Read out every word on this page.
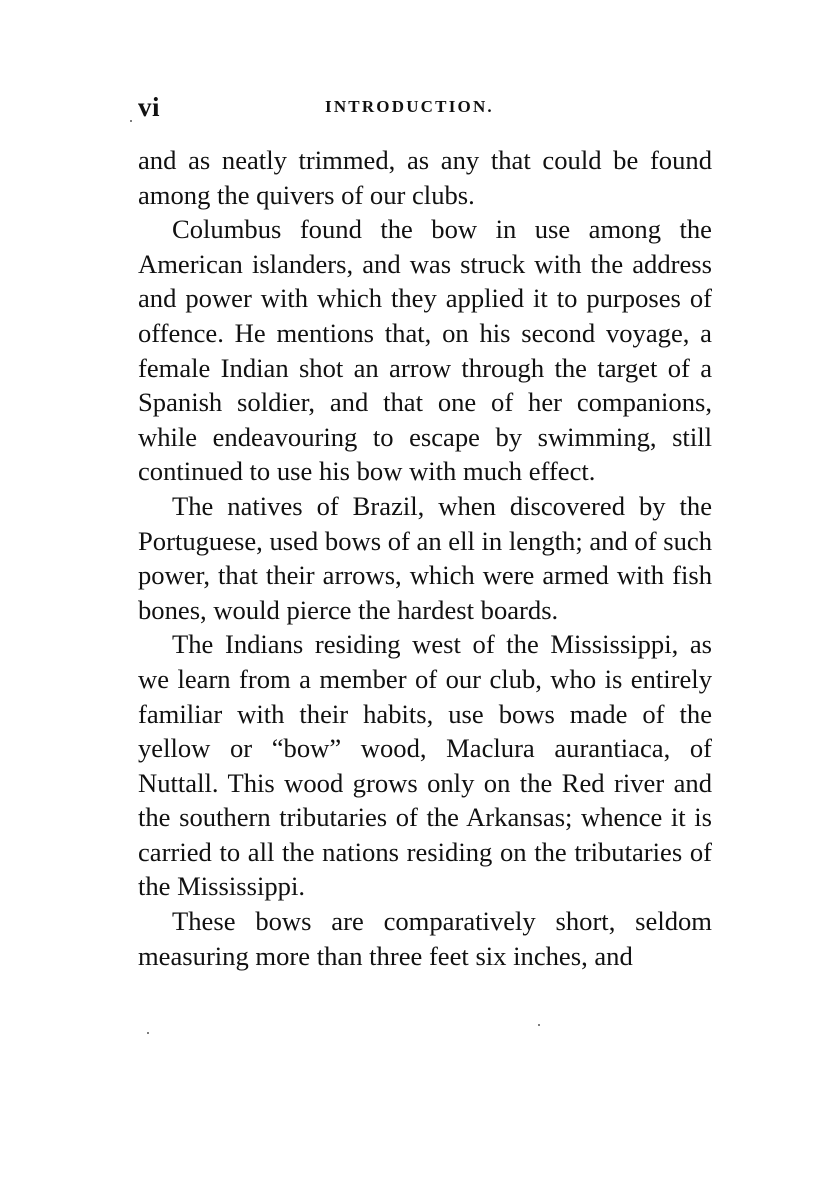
vi	INTRODUCTION.

and as neatly trimmed, as any that could be found among the quivers of our clubs.

Columbus found the bow in use among the American islanders, and was struck with the address and power with which they applied it to purposes of offence. He mentions that, on his second voyage, a female Indian shot an arrow through the target of a Spanish soldier, and that one of her companions, while endeavouring to escape by swimming, still continued to use his bow with much effect.

The natives of Brazil, when discovered by the Portuguese, used bows of an ell in length; and of such power, that their arrows, which were armed with fish bones, would pierce the hardest boards.

The Indians residing west of the Mississippi, as we learn from a member of our club, who is entirely familiar with their habits, use bows made of the yellow or “bow” wood, Maclura aurantiaca, of Nuttall. This wood grows only on the Red river and the southern tributaries of the Arkansas; whence it is carried to all the nations residing on the tributaries of the Mississippi.

These bows are comparatively short, seldom measuring more than three feet six inches, and
